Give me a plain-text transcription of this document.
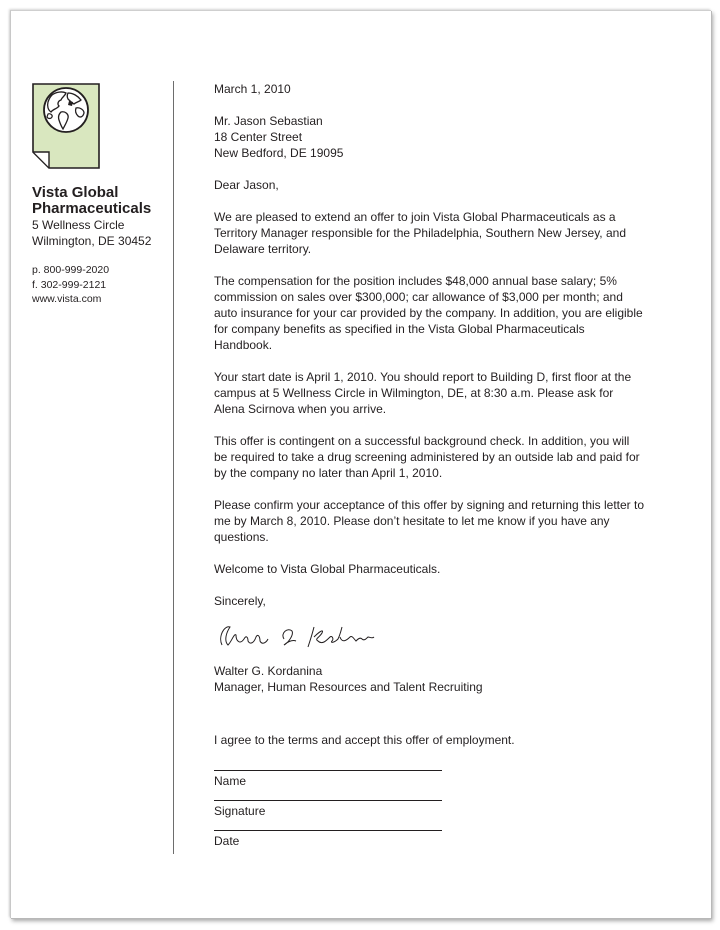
Vista Global
Pharmaceuticals
5 Wellness Circle
Wilmington, DE 30452
p. 800-999-2020
f. 302-999-2121
www.vista.com

March 1, 2010

Mr. Jason Sebastian
18 Center Street
New Bedford, DE 19095

Dear Jason,

We are pleased to extend an offer to join Vista Global Pharmaceuticals as a Territory Manager responsible for the Philadelphia, Southern New Jersey, and Delaware territory.

The compensation for the position includes $48,000 annual base salary; 5% commission on sales over $300,000; car allowance of $3,000 per month; and auto insurance for your car provided by the company. In addition, you are eligible for company benefits as specified in the Vista Global Pharmaceuticals Handbook.

Your start date is April 1, 2010. You should report to Building D, first floor at the campus at 5 Wellness Circle in Wilmington, DE, at 8:30 a.m. Please ask for Alena Scirnova when you arrive.

This offer is contingent on a successful background check. In addition, you will be required to take a drug screening administered by an outside lab and paid for by the company no later than April 1, 2010.

Please confirm your acceptance of this offer by signing and returning this letter to me by March 8, 2010. Please don’t hesitate to let me know if you have any questions.

Welcome to Vista Global Pharmaceuticals.

Sincerely,

Walter G. Kordanina

Manager, Human Resources and Talent Recruiting

I agree to the terms and accept this offer of employment.

Name
Signature
Date
